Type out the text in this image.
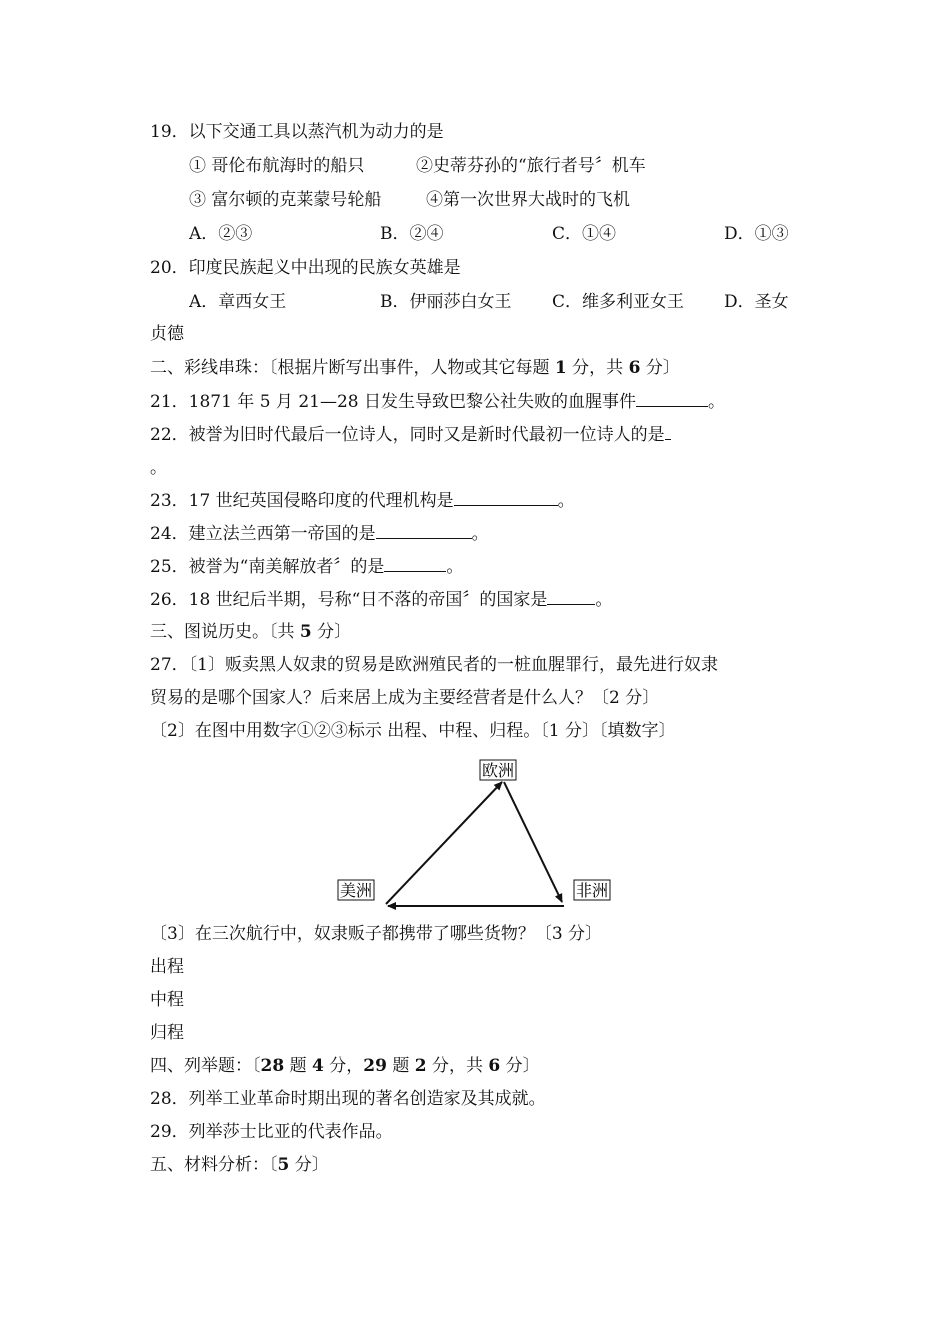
19．以下交通工具以蒸汽机为动力的是
① 哥伦布航海时的船只	②史蒂芬孙的“旅行者号〞机车
③ 富尔顿的克莱蒙号轮船	④第一次世界大战时的飞机
A．②③	B．②④	C．①④	D．①③
20．印度民族起义中出现的民族女英雄是
A．章西女王	B．伊丽莎白女王 C．维多利亚女王 D．圣女
贞德
二、彩线串珠：〔根据片断写出事件，人物或其它每题 1 分，共 6 分〕
21．1871 年 5 月 21—28 日发生导致巴黎公社失败的血腥事件	。
22．被誉为旧时代最后一位诗人，同时又是新时代最初一位诗人的是
。
23．17 世纪英国侵略印度的代理机构是	。
24．建立法兰西第一帝国的是	。
25．被誉为“南美解放者〞的是	。
26．18 世纪后半期，号称“日不落的帝国〞的国家是	。
三、图说历史。〔共 5 分〕
27．〔1〕贩卖黑人奴隶的贸易是欧洲殖民者的一桩血腥罪行，最先进行奴隶
贸易的是哪个国家人？后来居上成为主要经营者是什么人？〔2 分〕
〔2〕在图中用数字①②③标示 出程、中程、归程。〔1 分〕〔填数字〕
欧洲
美洲	非洲
〔3〕在三次航行中，奴隶贩子都携带了哪些货物？〔3 分〕
出程
中程
归程
四、列举题：〔28 题 4 分，29 题 2 分，共 6 分〕
28．列举工业革命时期出现的著名创造家及其成就。
29．列举莎士比亚的代表作品。
五、材料分析：〔5 分〕
